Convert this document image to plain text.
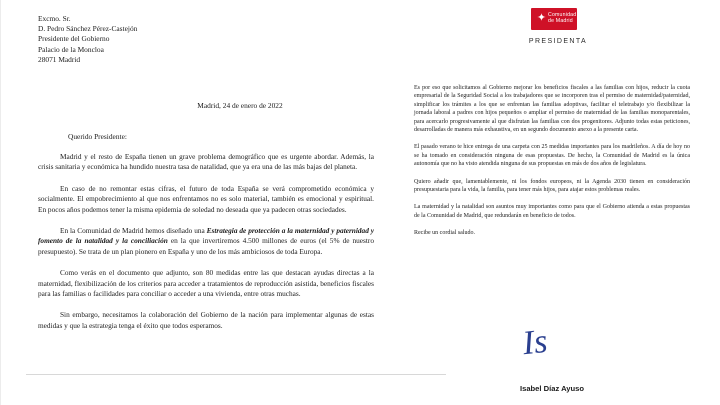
✦ Comunidad
de Madrid
PRESIDENTA
Excmo. Sr.
D. Pedro Sánchez Pérez-Castejón
Presidente del Gobierno
Palacio de la Moncloa
28071 Madrid
Madrid, 24 de enero de 2022
Querido Presidente:

Madrid y el resto de España tienen un grave problema demográfico que es urgente abordar. Además, la crisis sanitaria y económica ha hundido nuestra tasa de natalidad, que ya era una de las más bajas del planeta.

En caso de no remontar estas cifras, el futuro de toda España se verá comprometido económica y socialmente. El empobrecimiento al que nos enfrentamos no es solo material, también es emocional y espiritual. En pocos años podemos tener la misma epidemia de soledad no deseada que ya padecen otras sociedades.

En la Comunidad de Madrid hemos diseñado una Estrategia de protección a la maternidad y paternidad y fomento de la natalidad y la conciliación en la que invertiremos 4.500 millones de euros (el 5% de nuestro presupuesto). Se trata de un plan pionero en España y uno de los más ambiciosos de toda Europa.

Como verás en el documento que adjunto, son 80 medidas entre las que destacan ayudas directas a la maternidad, flexibilización de los criterios para acceder a tratamientos de reproducción asistida, beneficios fiscales para las familias o facilidades para conciliar o acceder a una vivienda, entre otras muchas.

Sin embargo, necesitamos la colaboración del Gobierno de la nación para implementar algunas de estas medidas y que la estrategia tenga el éxito que todos esperamos.

Es por eso que solicitamos al Gobierno mejorar los beneficios fiscales a las familias con hijos, reducir la cuota empresarial de la Seguridad Social a los trabajadores que se incorporen tras el permiso de maternidad/paternidad, simplificar los trámites a los que se enfrentan las familias adoptivas, facilitar el teletrabajo y/o flexibilizar la jornada laboral a padres con hijos pequeños o ampliar el permiso de maternidad de las familias monoparentales, para acercarlo progresivamente al que disfrutan las familias con dos progenitores. Adjunto todas estas peticiones, desarrolladas de manera más exhaustiva, en un segundo documento anexo a la presente carta.

El pasado verano te hice entrega de una carpeta con 25 medidas importantes para los madrileños. A día de hoy no se ha tomado en consideración ninguna de esas propuestas. De hecho, la Comunidad de Madrid es la única autonomía que no ha visto atendida ninguna de sus propuestas en más de dos años de legislatura.

Quiero añadir que, lamentablemente, ni los fondos europeos, ni la Agenda 2030 tienen en consideración presupuestaria para la vida, la familia, para tener más hijos, para atajar estos problemas reales.

La maternidad y la natalidad son asuntos muy importantes como para que el Gobierno atienda a estas propuestas de la Comunidad de Madrid, que redundarán en beneficio de todos.

Recibe un cordial saludo.

Is
Isabel Díaz Ayuso
